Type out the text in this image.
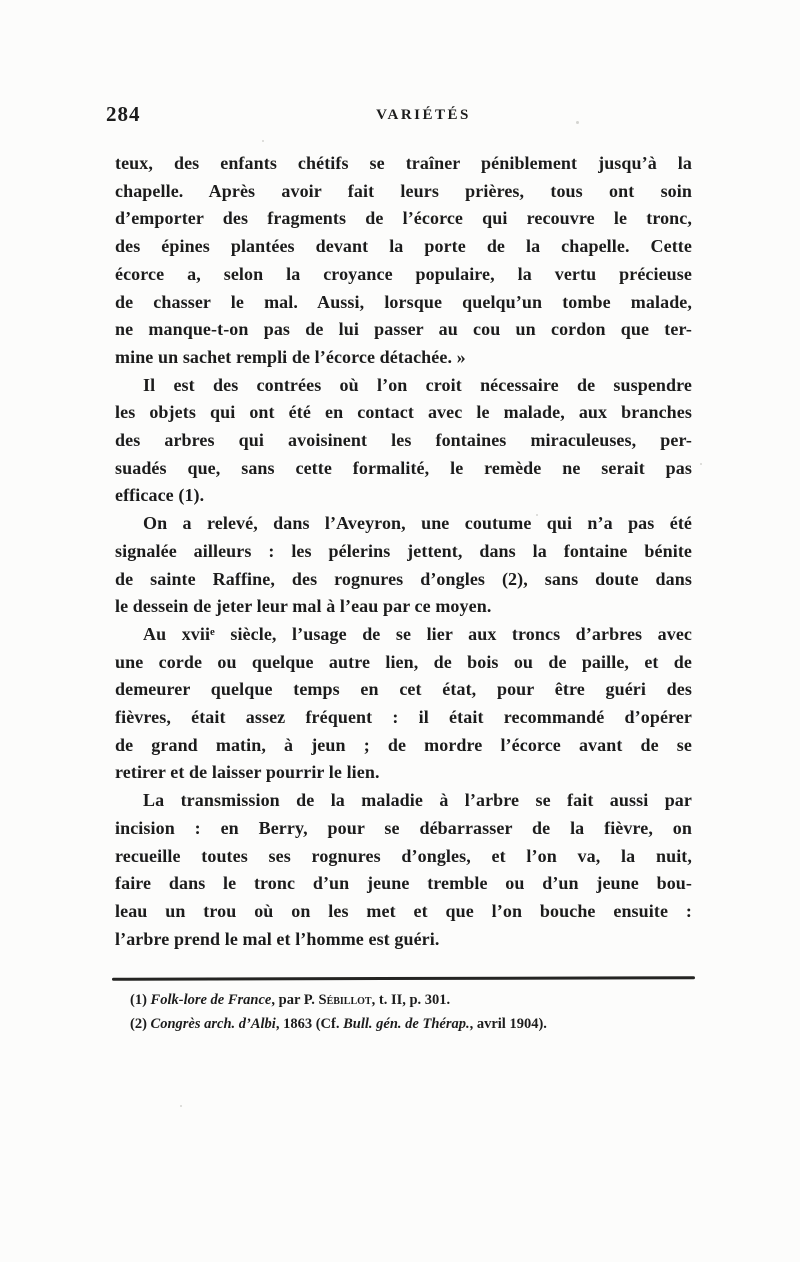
284	VARIÉTÉS
teux, des enfants chétifs se traîner péniblement jusqu’à la
chapelle. Après avoir fait leurs prières, tous ont soin
d’emporter des fragments de l’écorce qui recouvre le tronc,
des épines plantées devant la porte de la chapelle. Cette
écorce a, selon la croyance populaire, la vertu précieuse
de chasser le mal. Aussi, lorsque quelqu’un tombe malade,
ne manque-t-on pas de lui passer au cou un cordon que ter-
mine un sachet rempli de l’écorce détachée. »
Il est des contrées où l’on croit nécessaire de suspendre
les objets qui ont été en contact avec le malade, aux branches
des arbres qui avoisinent les fontaines miraculeuses, per-
suadés que, sans cette formalité, le remède ne serait pas
efficace (1).
On a relevé, dans l’Aveyron, une coutume qui n’a pas été
signalée ailleurs : les pélerins jettent, dans la fontaine bénite
de sainte Raffine, des rognures d’ongles (2), sans doute dans
le dessein de jeter leur mal à l’eau par ce moyen.
Au xviiᵉ siècle, l’usage de se lier aux troncs d’arbres avec
une corde ou quelque autre lien, de bois ou de paille, et de
demeurer quelque temps en cet état, pour être guéri des
fièvres, était assez fréquent : il était recommandé d’opérer
de grand matin, à jeun ; de mordre l’écorce avant de se
retirer et de laisser pourrir le lien.
La transmission de la maladie à l’arbre se fait aussi par
incision : en Berry, pour se débarrasser de la fièvre, on
recueille toutes ses rognures d’ongles, et l’on va, la nuit,
faire dans le tronc d’un jeune tremble ou d’un jeune bou-
leau un trou où on les met et que l’on bouche ensuite :
l’arbre prend le mal et l’homme est guéri.
(1) Folk-lore de France, par P. Sébillot, t. II, p. 301.
(2) Congrès arch. d’Albi, 1863 (Cf. Bull. gén. de Thérap., avril 1904).
